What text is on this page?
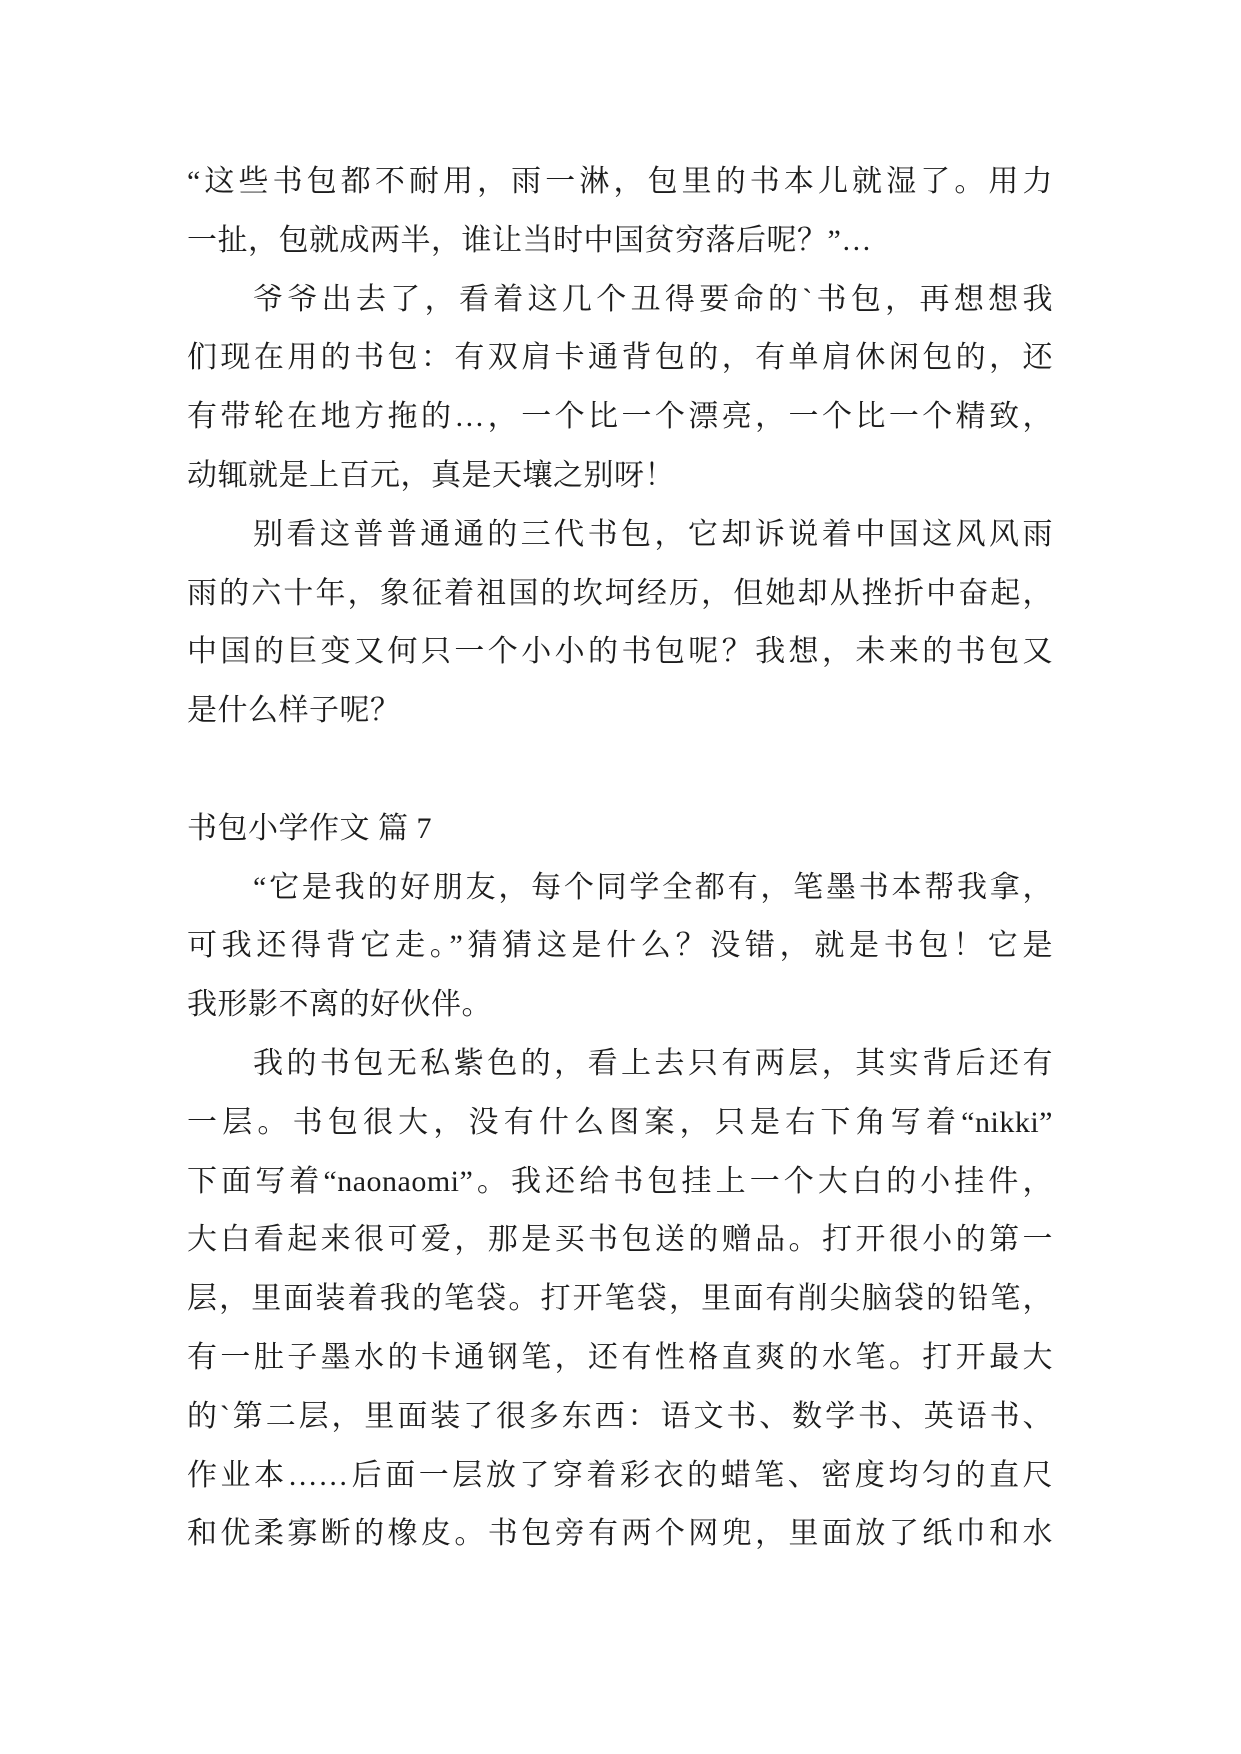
“这些书包都不耐用，雨一淋，包里的书本儿就湿了。用力
一扯，包就成两半，谁让当时中国贫穷落后呢？”…
爷爷出去了，看着这几个丑得要命的`书包，再想想我
们现在用的书包：有双肩卡通背包的，有单肩休闲包的，还
有带轮在地方拖的…，一个比一个漂亮，一个比一个精致，
动辄就是上百元，真是天壤之别呀！
别看这普普通通的三代书包，它却诉说着中国这风风雨
雨的六十年，象征着祖国的坎坷经历，但她却从挫折中奋起，
中国的巨变又何只一个小小的书包呢？我想，未来的书包又
是什么样子呢？
书包小学作文 篇 7
“它是我的好朋友，每个同学全都有，笔墨书本帮我拿，
可我还得背它走。”猜猜这是什么？没错，就是书包！它是
我形影不离的好伙伴。
我的书包无私紫色的，看上去只有两层，其实背后还有
一层。书包很大，没有什么图案，只是右下角写着“nikki”
下面写着“naonaomi”。我还给书包挂上一个大白的小挂件，
大白看起来很可爱，那是买书包送的赠品。打开很小的第一
层，里面装着我的笔袋。打开笔袋，里面有削尖脑袋的铅笔，
有一肚子墨水的卡通钢笔，还有性格直爽的水笔。打开最大
的`第二层，里面装了很多东西：语文书、数学书、英语书、
作业本……后面一层放了穿着彩衣的蜡笔、密度均匀的直尺
和优柔寡断的橡皮。书包旁有两个网兜，里面放了纸巾和水
